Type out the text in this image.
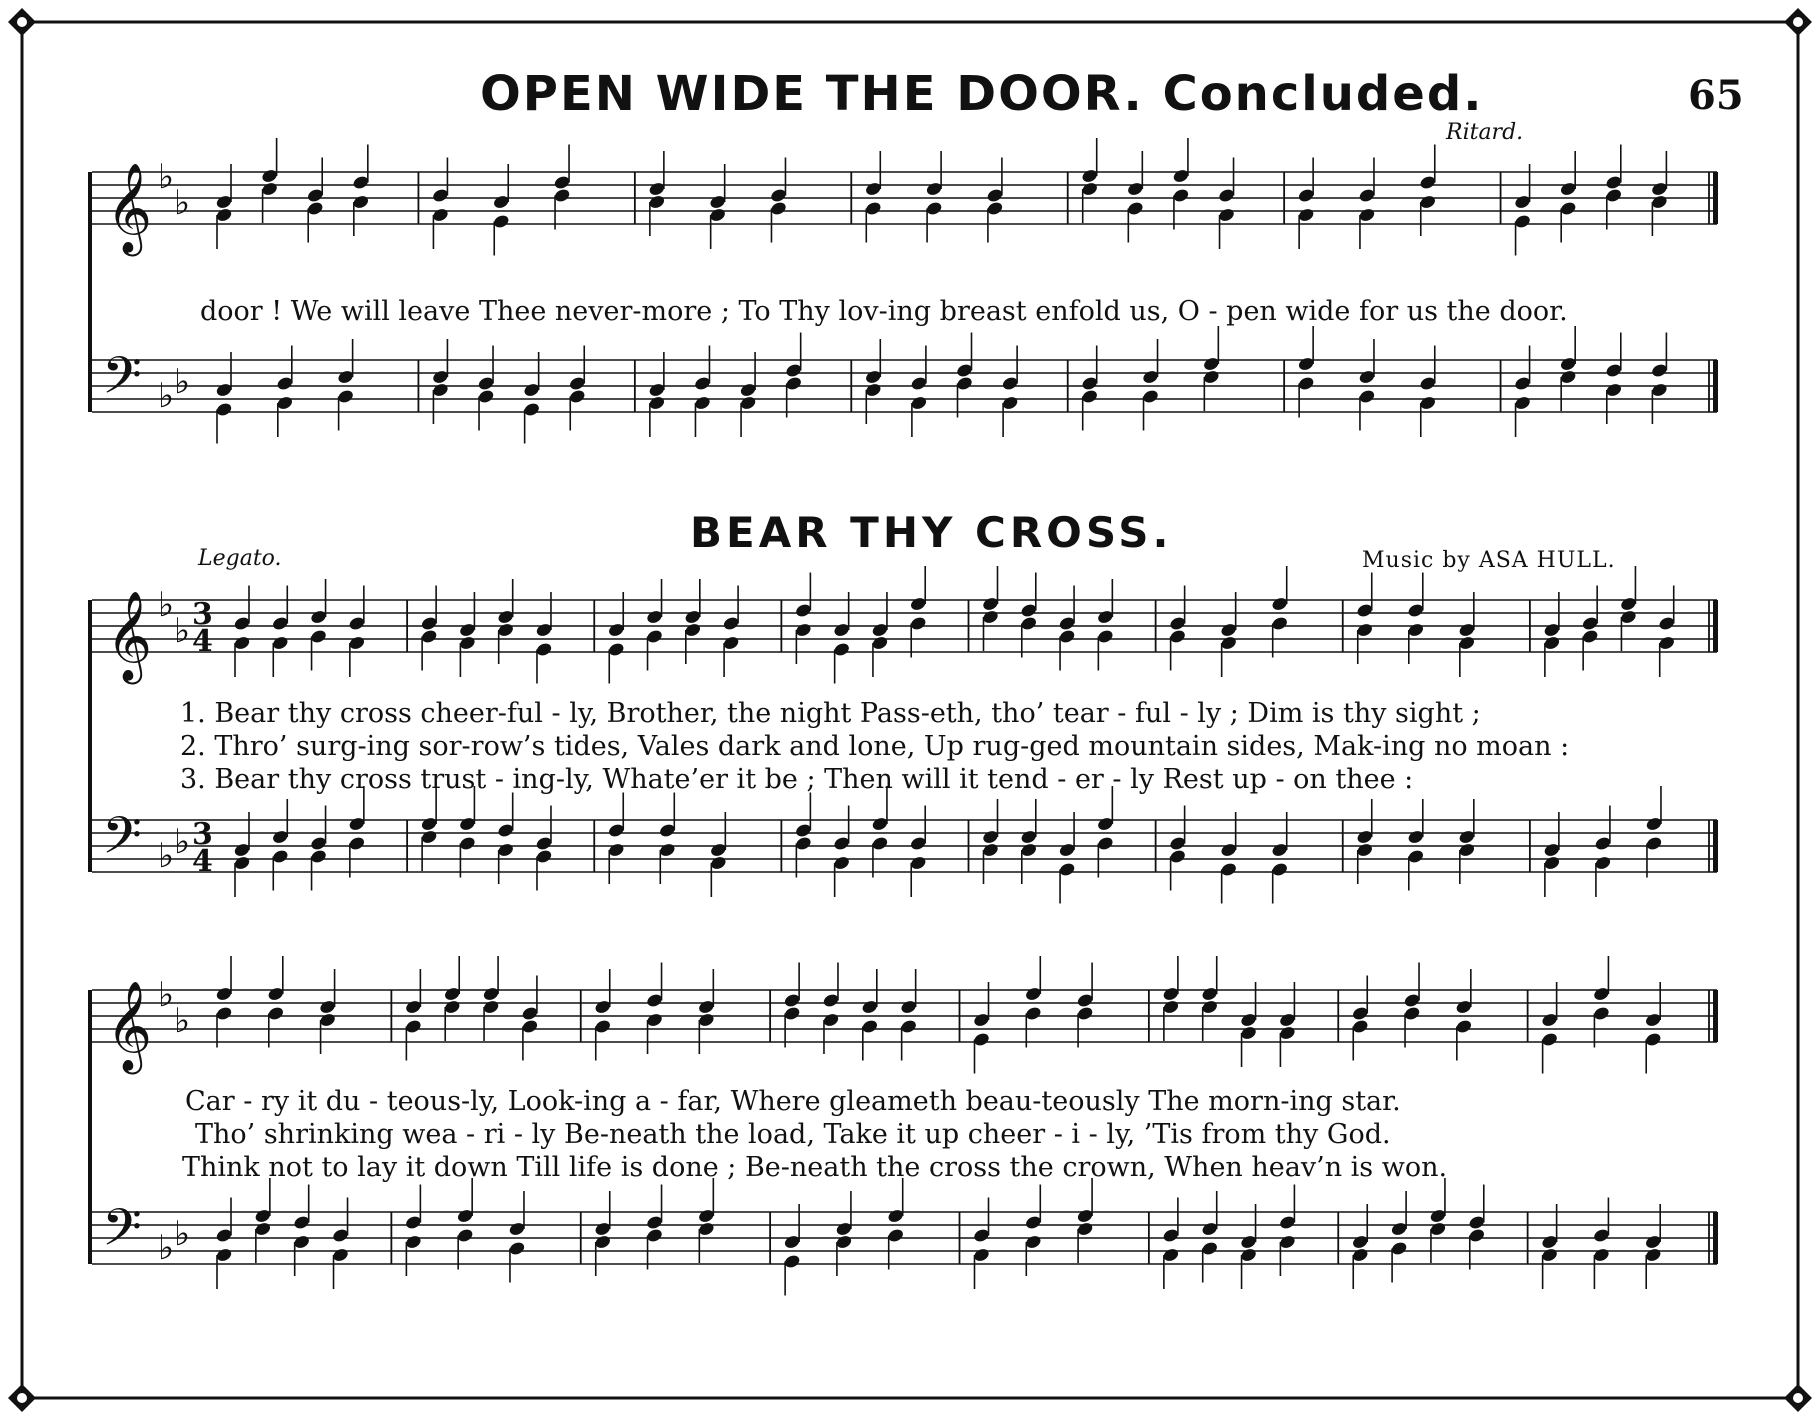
𝄞 ♭
♭
𝄢 ♭ ♭
𝄞 ♭
♭ 3
4
𝄢 ♭ ♭ 3
4
𝄞 ♭
♭
𝄢 ♭ ♭
OPEN WIDE THE DOOR. Concluded.	65
Ritard.
door ! We will leave Thee never-more ; To Thy lov-ing breast enfold us, O - pen wide for us the door.
BEAR THY CROSS.
Legato.	Music by ASA HULL.
1. Bear thy cross cheer-ful - ly, Brother, the night Pass-eth, tho’ tear - ful - ly ; Dim is thy sight ;
2. Thro’ surg-ing sor-row’s tides, Vales dark and lone, Up rug-ged mountain sides, Mak-ing no moan :
3. Bear thy cross trust - ing-ly, Whate’er it be ; Then will it tend - er - ly Rest up - on thee :
Car - ry it du - teous-ly, Look-ing a - far, Where gleameth beau-teously The morn-ing star.
Tho’ shrinking wea - ri - ly Be-neath the load, Take it up cheer - i - ly, ’Tis from thy God.
Think not to lay it down Till life is done ; Be-neath the cross the crown, When heav’n is won.
